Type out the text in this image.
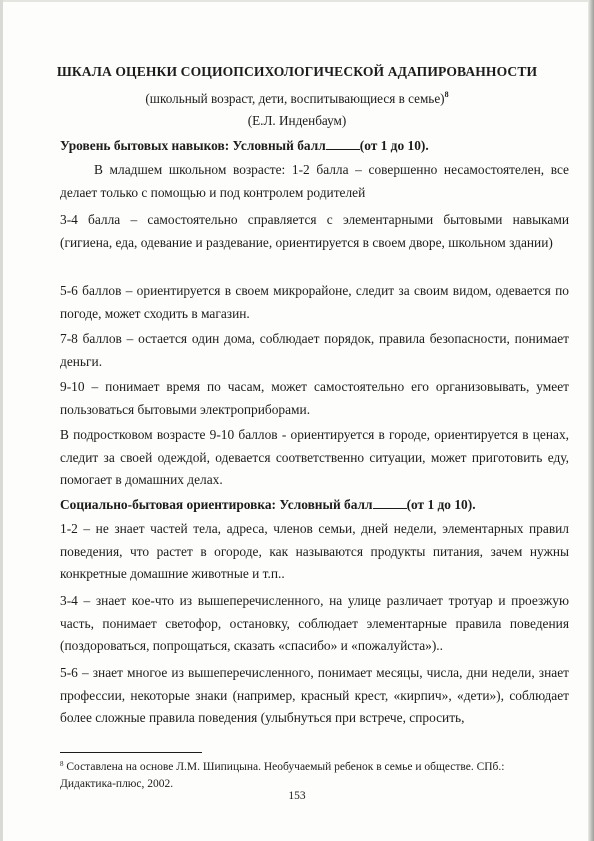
ШКАЛА ОЦЕНКИ СОЦИОПСИХОЛОГИЧЕСКОЙ АДАПИРОВАННОСТИ
(школьный возраст, дети, воспитывающиеся в семье)$^8$
(Е.Л. Инденбаум)
Уровень бытовых навыков: Условный балл	(от 1 до 10).
В младшем школьном возрасте: 1-2 балла – совершенно несамостоятелен, все делает только с помощью и под контролем родителей
3-4 балла – самостоятельно справляется с элементарными бытовыми навыками (гигиена, еда, одевание и раздевание, ориентируется в своем дворе, школьном здании)
5-6 баллов – ориентируется в своем микрорайоне, следит за своим видом, одевается по погоде, может сходить в магазин.
7-8 баллов – остается один дома, соблюдает порядок, правила безопасности, понимает деньги.
9-10 – понимает время по часам, может самостоятельно его организовывать, умеет пользоваться бытовыми электроприборами.
В подростковом возрасте 9-10 баллов - ориентируется в городе, ориентируется в ценах, следит за своей одеждой, одевается соответственно ситуации, может приготовить еду, помогает в домашних делах.
Социально-бытовая ориентировка: Условный балл	(от 1 до 10).
1-2 – не знает частей тела, адреса, членов семьи, дней недели, элементарных правил поведения, что растет в огороде, как называются продукты питания, зачем нужны конкретные домашние животные и т.п..
3-4 – знает кое-что из вышеперечисленного, на улице различает тротуар и проезжую часть, понимает светофор, остановку, соблюдает элементарные правила поведения (поздороваться, попрощаться, сказать «спасибо» и «пожалуйста»)..
5-6 – знает многое из вышеперечисленного, понимает месяцы, числа, дни недели, знает профессии, некоторые знаки (например, красный крест, «кирпич», «дети»), соблюдает более сложные правила поведения (улыбнуться при встрече, спросить,
$^8$ Составлена на основе Л.М. Шипицына. Необучаемый ребенок в семье и обществе. СПб.: Дидактика-плюс, 2002.
153
